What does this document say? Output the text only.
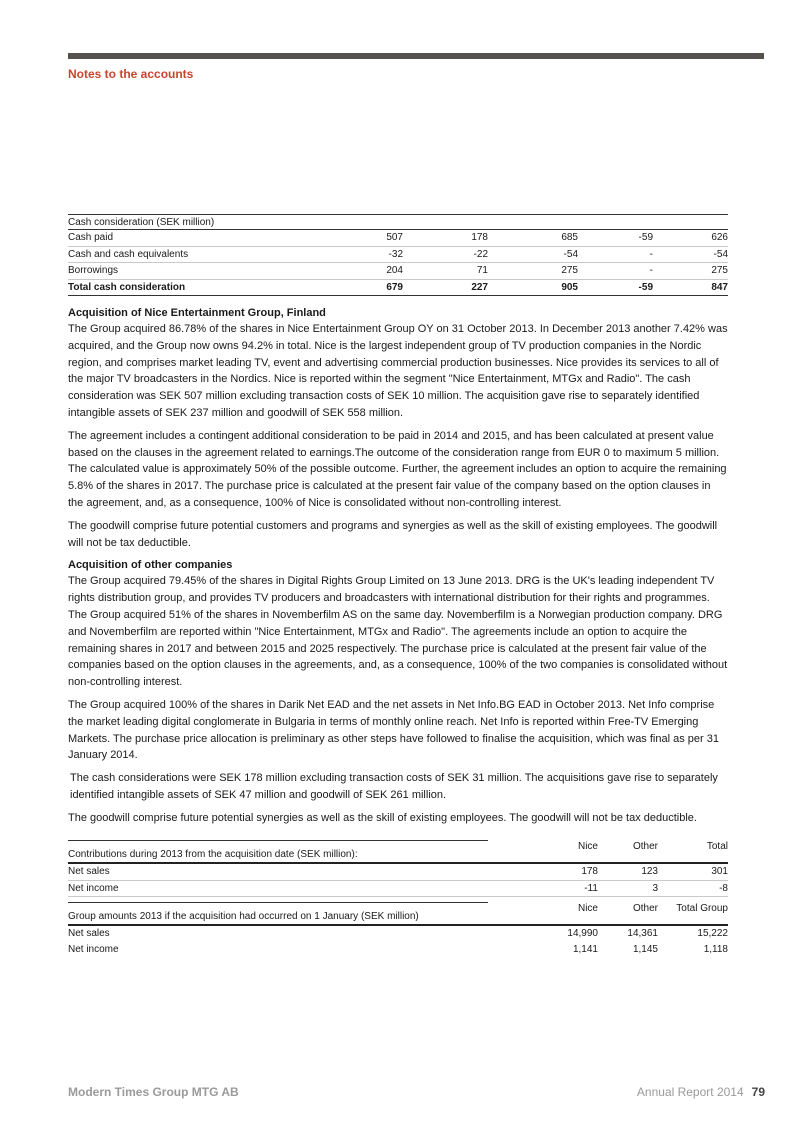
Notes to the accounts
Cash consideration (SEK million)					
Cash paid	507	178	685	-59	626
Cash and cash equivalents	-32	-22	-54	-	-54
Borrowings	204	71	275	-	275
Total cash consideration	679	227	905	-59	847
Acquisition of Nice Entertainment Group, Finland

The Group acquired 86.78% of the shares in Nice Entertainment Group OY on 31 October 2013. In December 2013 another 7.42% was acquired, and the Group now owns 94.2% in total. Nice is the largest independent group of TV production companies in the Nordic region, and comprises market leading TV, event and advertising commercial production businesses. Nice provides its services to all of the major TV broadcasters in the Nordics. Nice is reported within the segment "Nice Entertainment, MTGx and Radio". The cash consideration was SEK 507 million excluding transaction costs of SEK 10 million. The acquisition gave rise to separately identified intangible assets of SEK 237 million and goodwill of SEK 558 million.

The agreement includes a contingent additional consideration to be paid in 2014 and 2015, and has been calculated at present value based on the clauses in the agreement related to earnings.The outcome of the consideration range from EUR 0 to maximum 5 million. The calculated value is approximately 50% of the possible outcome. Further, the agreement includes an option to acquire the remaining 5.8% of the shares in 2017. The purchase price is calculated at the present fair value of the company based on the option clauses in the agreement, and, as a consequence, 100% of Nice is consolidated without non-controlling interest.

The goodwill comprise future potential customers and programs and synergies as well as the skill of existing employees. The goodwill will not be tax deductible.

Acquisition of other companies

The Group acquired 79.45% of the shares in Digital Rights Group Limited on 13 June 2013. DRG is the UK's leading independent TV rights distribution group, and provides TV producers and broadcasters with international distribution for their rights and programmes. The Group acquired 51% of the shares in Novemberfilm AS on the same day. Novemberfilm is a Norwegian production company. DRG and Novemberfilm are reported within "Nice Entertainment, MTGx and Radio". The agreements include an option to acquire the remaining shares in 2017 and between 2015 and 2025 respectively. The purchase price is calculated at the present fair value of the companies based on the option clauses in the agreements, and, as a consequence, 100% of the two companies is consolidated without non-controlling interest.

The Group acquired 100% of the shares in Darik Net EAD and the net assets in Net Info.BG EAD in October 2013. Net Info comprise the market leading digital conglomerate in Bulgaria in terms of monthly online reach. Net Info is reported within Free-TV Emerging Markets. The purchase price allocation is preliminary as other steps have followed to finalise the acquisition, which was final as per 31 January 2014.

The cash considerations were SEK 178 million excluding transaction costs of SEK 31 million. The acquisitions gave rise to separately identified intangible assets of SEK 47 million and goodwill of SEK 261 million.

The goodwill comprise future potential synergies as well as the skill of existing employees. The goodwill will not be tax deductible.

Contributions during 2013 from the acquisition date (SEK million):	Nice	Other	Total
Net sales	178	123	301
Net income	-11	3	-8
Group amounts 2013 if the acquisition had occurred on 1 January (SEK million)	Nice	Other	Total Group
Net sales	14,990	14,361	15,222
Net income	1,141	1,145	1,118
Modern Times Group MTG AB	Annual Report 2014 79
